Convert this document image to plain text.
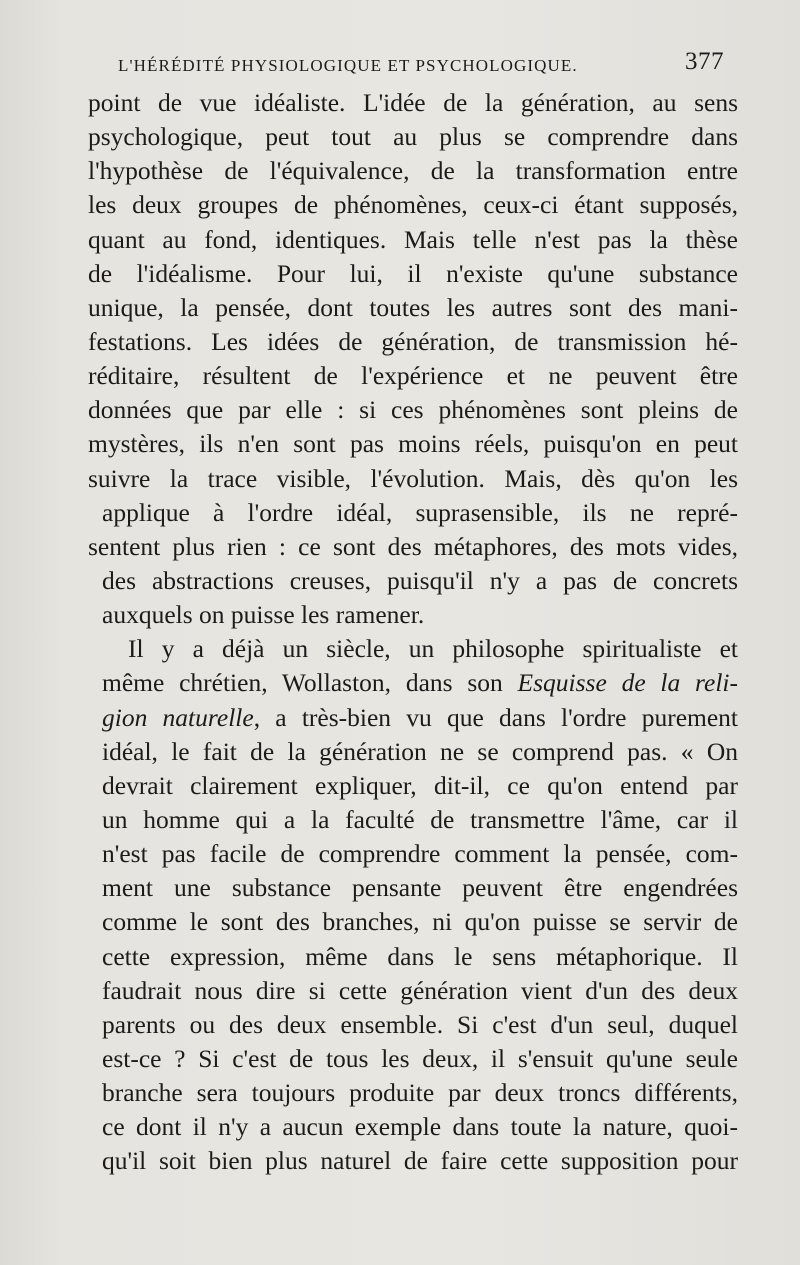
L'HÉRÉDITÉ PHYSIOLOGIQUE ET PSYCHOLOGIQUE.	377
point de vue idéaliste. L'idée de la génération, au sens
psychologique, peut tout au plus se comprendre dans
l'hypothèse de l'équivalence, de la transformation entre
les deux groupes de phénomènes, ceux-ci étant supposés,
quant au fond, identiques. Mais telle n'est pas la thèse
de l'idéalisme. Pour lui, il n'existe qu'une substance
unique, la pensée, dont toutes les autres sont des mani-
festations. Les idées de génération, de transmission hé-
réditaire, résultent de l'expérience et ne peuvent être
données que par elle : si ces phénomènes sont pleins de
mystères, ils n'en sont pas moins réels, puisqu'on en peut
suivre la trace visible, l'évolution. Mais, dès qu'on les
applique à l'ordre idéal, suprasensible, ils ne repré-
sentent plus rien : ce sont des métaphores, des mots vides,
des abstractions creuses, puisqu'il n'y a pas de concrets
auxquels on puisse les ramener.
Il y a déjà un siècle, un philosophe spiritualiste et
même chrétien, Wollaston, dans son Esquisse de la reli-
gion naturelle, a très-bien vu que dans l'ordre purement
idéal, le fait de la génération ne se comprend pas. « On
devrait clairement expliquer, dit-il, ce qu'on entend par
un homme qui a la faculté de transmettre l'âme, car il
n'est pas facile de comprendre comment la pensée, com-
ment une substance pensante peuvent être engendrées
comme le sont des branches, ni qu'on puisse se servir de
cette expression, même dans le sens métaphorique. Il
faudrait nous dire si cette génération vient d'un des deux
parents ou des deux ensemble. Si c'est d'un seul, duquel
est-ce ? Si c'est de tous les deux, il s'ensuit qu'une seule
branche sera toujours produite par deux troncs différents,
ce dont il n'y a aucun exemple dans toute la nature, quoi-
qu'il soit bien plus naturel de faire cette supposition pour
